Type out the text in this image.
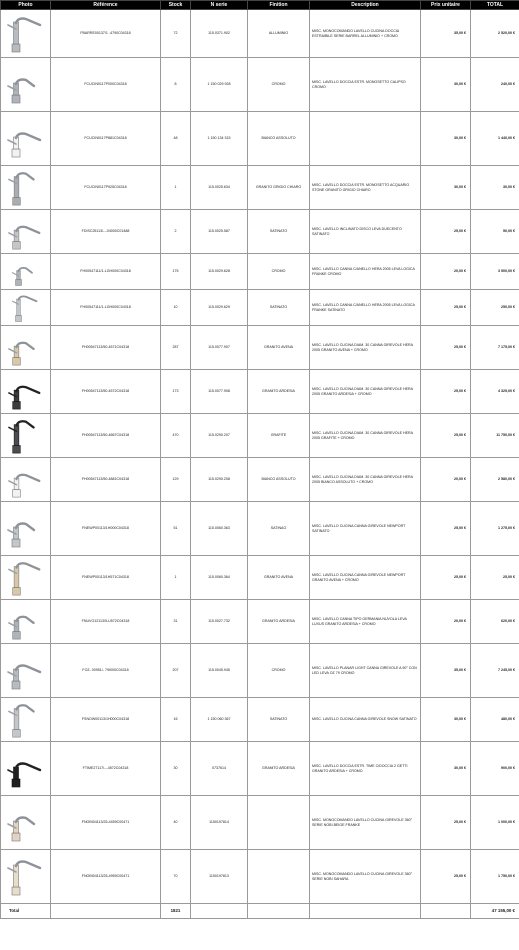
Photo	Référence	Stock	N serie	Finition	Description	Prix unitaire	TOTAL

	FBARRE00137/1 -4790C04318	72	115.0371.902	ALLUMINIO	MISC. MONOCOMANDO LAVELLO CUCINA DOCCIA ESTRAIBILE SERIE BARREL ALLUMINIO + CROMO	35,00 €	2 520,00 €

	FCUCIN0117P000C04318	8	1 150 029 928	CROMO	MISC. LAVELLO DOCCIA ESTR. MONOSETTO CALIPSO CROMO	30,00 €	240,00 €

	FCUCIN0117P881C04318	48	1 150 134 315	BIANCO ASSOLUTO		30,00 €	1 440,00 €

	FCUCIN0117P925C04318	1	115.0025.634	GRANITO GRIGIO CHIARO	MISC. LAVELLO DOCCIA ESTR. MONOSETTO ACQUARIO STONE GRANITO GRIGIO CHIARO	30,00 €	30,00 €

	FDISC25113/---04000C01488	2	115.0025.587	SATINATO	MISC. LAVELLO INCLINATO DISCO LEVA DUECENTO SATINATO	25,00 €	50,00 €

	FH00547111/1-LGH000C04318	175	115.0029.628	CROMO	MISC. LAVELLO CANNA C/ANELLO HERA 2005 LEVA LOGICA FRANKE CROMO	20,00 €	3 500,00 €

	FH00547111/1-LGH000C04318	10	115.0029.629	SATINATO	MISC. LAVELLO CANNA C/ANELLO HERA 2005 LEVA LOGICA FRANKE SATINATO	25,00 €	250,00 €

	FH00547113/50-4571C04318	287	115.0077.907	GRANITO AVENA	MISC. LAVELLO CUCINA DIAM. 30 CANNA GIREVOLE HERA 2005 GRANITO AVENA + CROMO	25,00 €	7 175,00 €

	FH00547113/50-4572C04318	173	115.0077.908	GRANITO ARDESIA	MISC. LAVELLO CUCINA DIAM. 30 CANNA GIREVOLE HERA 2005 GRANITO ARDESIA + CROMO	25,00 €	4 325,00 €

	FH00547113/50-4667C04318	470	115.0290.207	GRAFITE	MISC. LAVELLO CUCINA DIAM. 30 CANNA GIREVOLE HERA 2005 GRAFITE + CROMO	25,00 €	11 750,00 €

	FH00547113/50-4881C04318	129	115.0290.208	BIANCO ASSOLUTO	MISC. LAVELLO CUCINA DIAM. 30 CANNA GIREVOLE HERA 2005 BIANCO ASSOLUTO + CROMO	20,00 €	2 580,00 €

	FNEWP00113/1H000C04318	51	115.0060.363	SATINAO	MISC. LAVELLO CUCINA CANNA GIREVOLE NEWPORT SATINATO	25,00 €	1 275,00 €

	FNEWP00113/1H571C04318	1	115.0060.364	GRANITO AVENA	MISC. LAVELLO CUCINA CANNA GIREVOLE NEWPORT GRANITO AVENA + CROMO	25,00 €	25,00 €

	FNUVO12113/5-U572C04318	31	115.0027.732	GRANITO ARDESIA	MISC. LAVELLO CANNA TIPO GERMANIA NUVOLA LEVA LUXUS GRANITO ARDESIA + CROMO	20,00 €	620,00 €

	FOZ- 00951/- 79I000C04318	207	115.0045.945	CROMO	MISC. LAVELLO PLANAR LIGHT CANNA GIREVOLE A 90° CON LED LEVA OZ 79 CROMO	35,00 €	7 245,00 €

	FSNOW00113/1H000C04318	16	1 150 060 367	SATINATO	MISC. LAVELLO CUCINA CANNA GIREVOLE SNOW SATINATO	30,00 €	480,00 €

	FTIME27117/---4572C04318	30	0737614	GRANITO ARDESIA	MISC. LAVELLO DOCCIA ESTR. TIME C/DOCCIA 2 GETTI GRANITO ARDESIA + CROMO	30,00 €	900,00 €

	FNOBI04113/25-4459C00471	40	1150197814		MISC. MONOCOMANDO LAVELLO CUCINA GIREVOLE 360° SERIE NOBI BEIGE FRANKE	25,00 €	1 000,00 €

	FNOBI04113/25-4959C00471	70	1150197813		MISC. MONOCOMANDO LAVELLO CUCINA GIREVOLE 360° SERIE NOBI SAHARA	25,00 €	1 750,00 €
Total		1821					47 155,00 €
